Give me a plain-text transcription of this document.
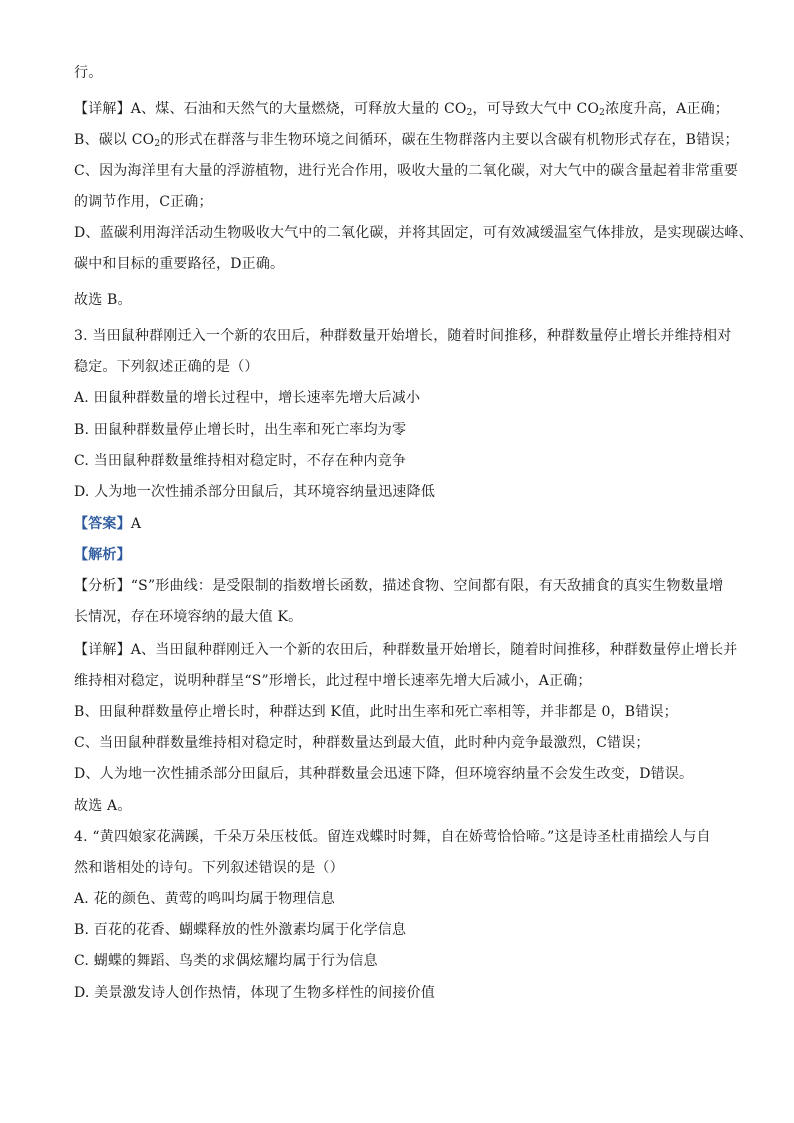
行。
【详解】A、煤、石油和天然气的大量燃烧，可释放大量的 $CO_2$，可导致大气中 $CO_2$浓度升高，A正确；
B、碳以 $CO_2$的形式在群落与非生物环境之间循环，碳在生物群落内主要以含碳有机物形式存在，B错误；
C、因为海洋里有大量的浮游植物，进行光合作用，吸收大量的二氧化碳，对大气中的碳含量起着非常重要
的调节作用，C正确；
D、蓝碳利用海洋活动生物吸收大气中的二氧化碳，并将其固定，可有效减缓温室气体排放，是实现碳达峰、
碳中和目标的重要路径，D正确。
故选 B。
3. 当田鼠种群刚迁入一个新的农田后，种群数量开始增长，随着时间推移，种群数量停止增长并维持相对
稳定。下列叙述正确的是（）
A. 田鼠种群数量的增长过程中，增长速率先增大后减小
B. 田鼠种群数量停止增长时，出生率和死亡率均为零
C. 当田鼠种群数量维持相对稳定时，不存在种内竞争
D. 人为地一次性捕杀部分田鼠后，其环境容纳量迅速降低
【答案】A
【解析】
【分析】“S”形曲线：是受限制的指数增长函数，描述食物、空间都有限，有天敌捕食的真实生物数量增
长情况，存在环境容纳的最大值 K。
【详解】A、当田鼠种群刚迁入一个新的农田后，种群数量开始增长，随着时间推移，种群数量停止增长并
维持相对稳定，说明种群呈“S”形增长，此过程中增长速率先增大后减小，A正确；
B、田鼠种群数量停止增长时，种群达到 K值，此时出生率和死亡率相等，并非都是 0，B错误；
C、当田鼠种群数量维持相对稳定时，种群数量达到最大值，此时种内竞争最激烈，C错误；
D、人为地一次性捕杀部分田鼠后，其种群数量会迅速下降，但环境容纳量不会发生改变，D错误。
故选 A。
4. “黄四娘家花满蹊，千朵万朵压枝低。留连戏蝶时时舞，自在娇莺恰恰啼。”这是诗圣杜甫描绘人与自
然和谐相处的诗句。下列叙述错误的是（）
A. 花的颜色、黄莺的鸣叫均属于物理信息
B. 百花的花香、蝴蝶释放的性外激素均属于化学信息
C. 蝴蝶的舞蹈、鸟类的求偶炫耀均属于行为信息
D. 美景激发诗人创作热情，体现了生物多样性的间接价值
